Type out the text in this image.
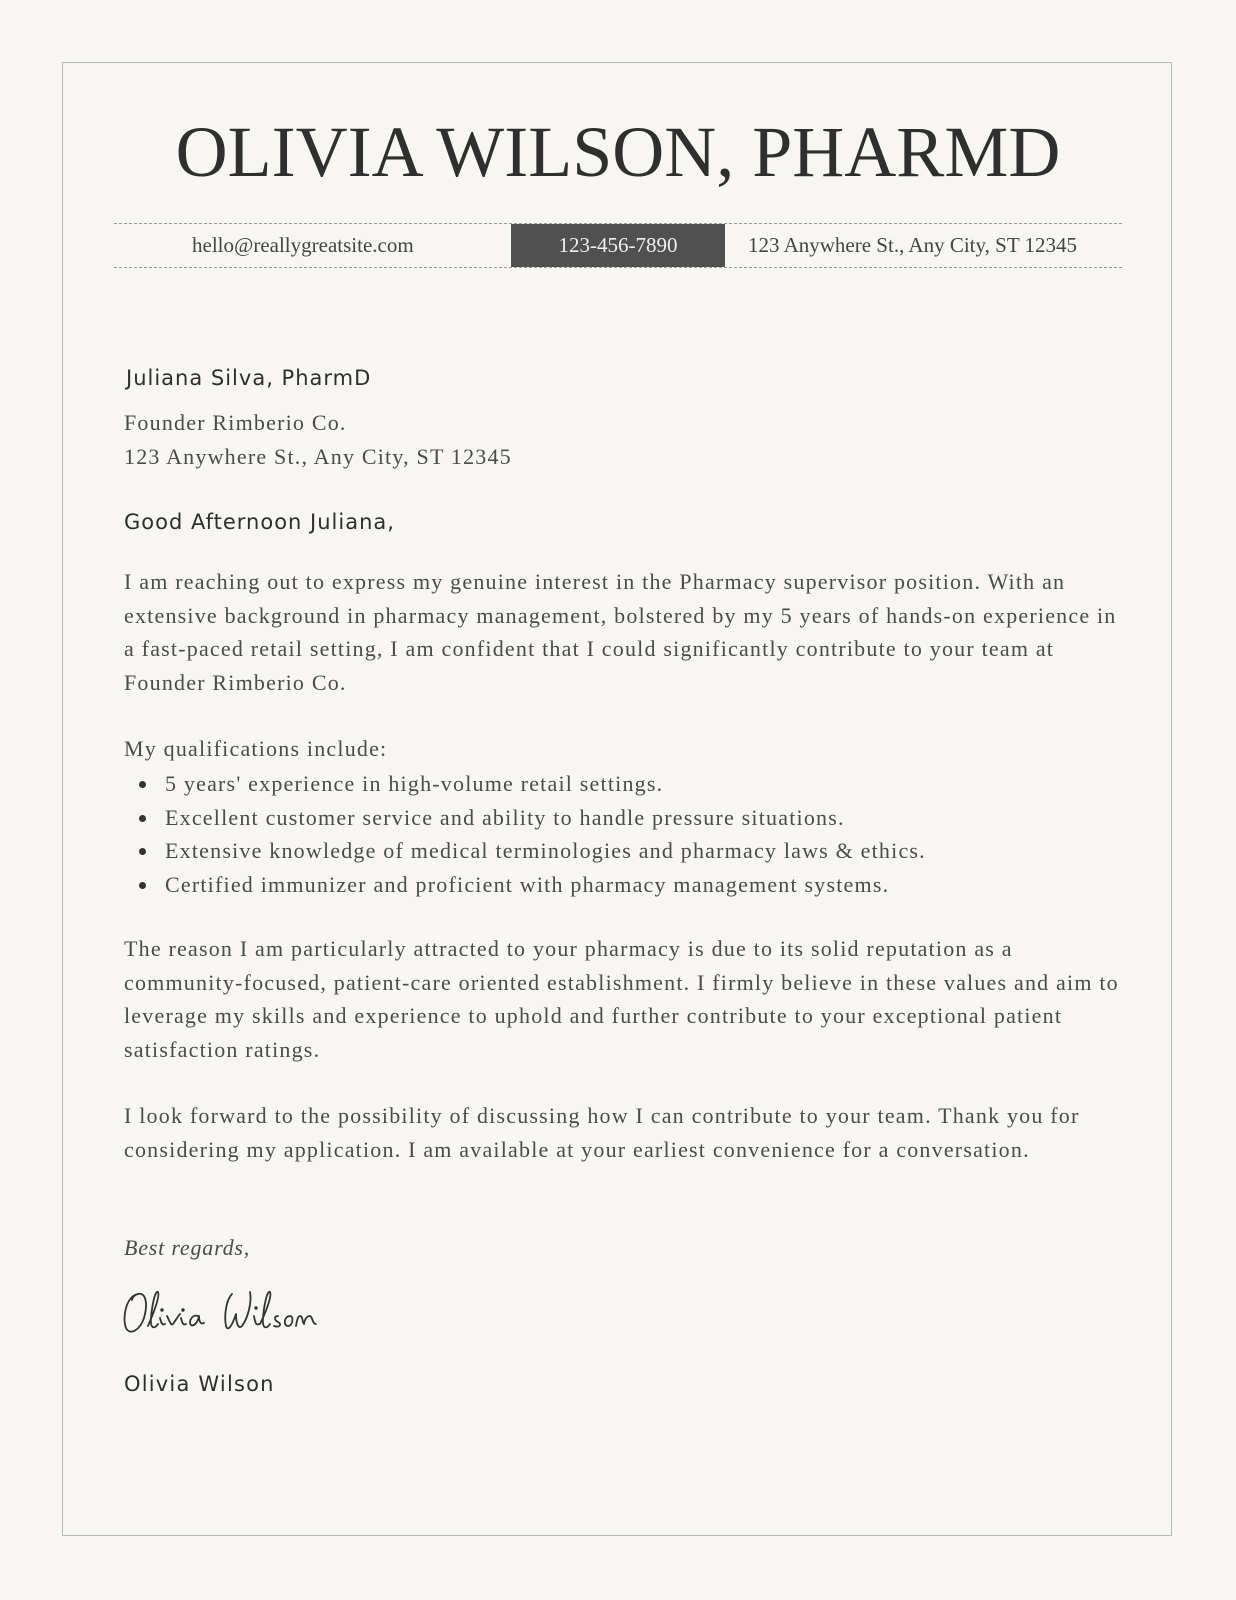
OLIVIA WILSON, PHARMD
hello@reallygreatsite.com	123-456-7890	123 Anywhere St., Any City, ST 12345

Juliana Silva, PharmD

Founder Rimberio Co.
123 Anywhere St., Any City, ST 12345

Good Afternoon Juliana,

I am reaching out to express my genuine interest in the Pharmacy supervisor position. With an extensive background in pharmacy management, bolstered by my 5 years of hands-on experience in a fast-paced retail setting, I am confident that I could significantly contribute to your team at Founder Rimberio Co.

My qualifications include:

5 years' experience in high-volume retail settings.
Excellent customer service and ability to handle pressure situations.
Extensive knowledge of medical terminologies and pharmacy laws & ethics.
Certified immunizer and proficient with pharmacy management systems.

The reason I am particularly attracted to your pharmacy is due to its solid reputation as a community-focused, patient-care oriented establishment. I firmly believe in these values and aim to leverage my skills and experience to uphold and further contribute to your exceptional patient satisfaction ratings.

I look forward to the possibility of discussing how I can contribute to your team. Thank you for considering my application. I am available at your earliest convenience for a conversation.

Best regards,
Olivia Wilson
